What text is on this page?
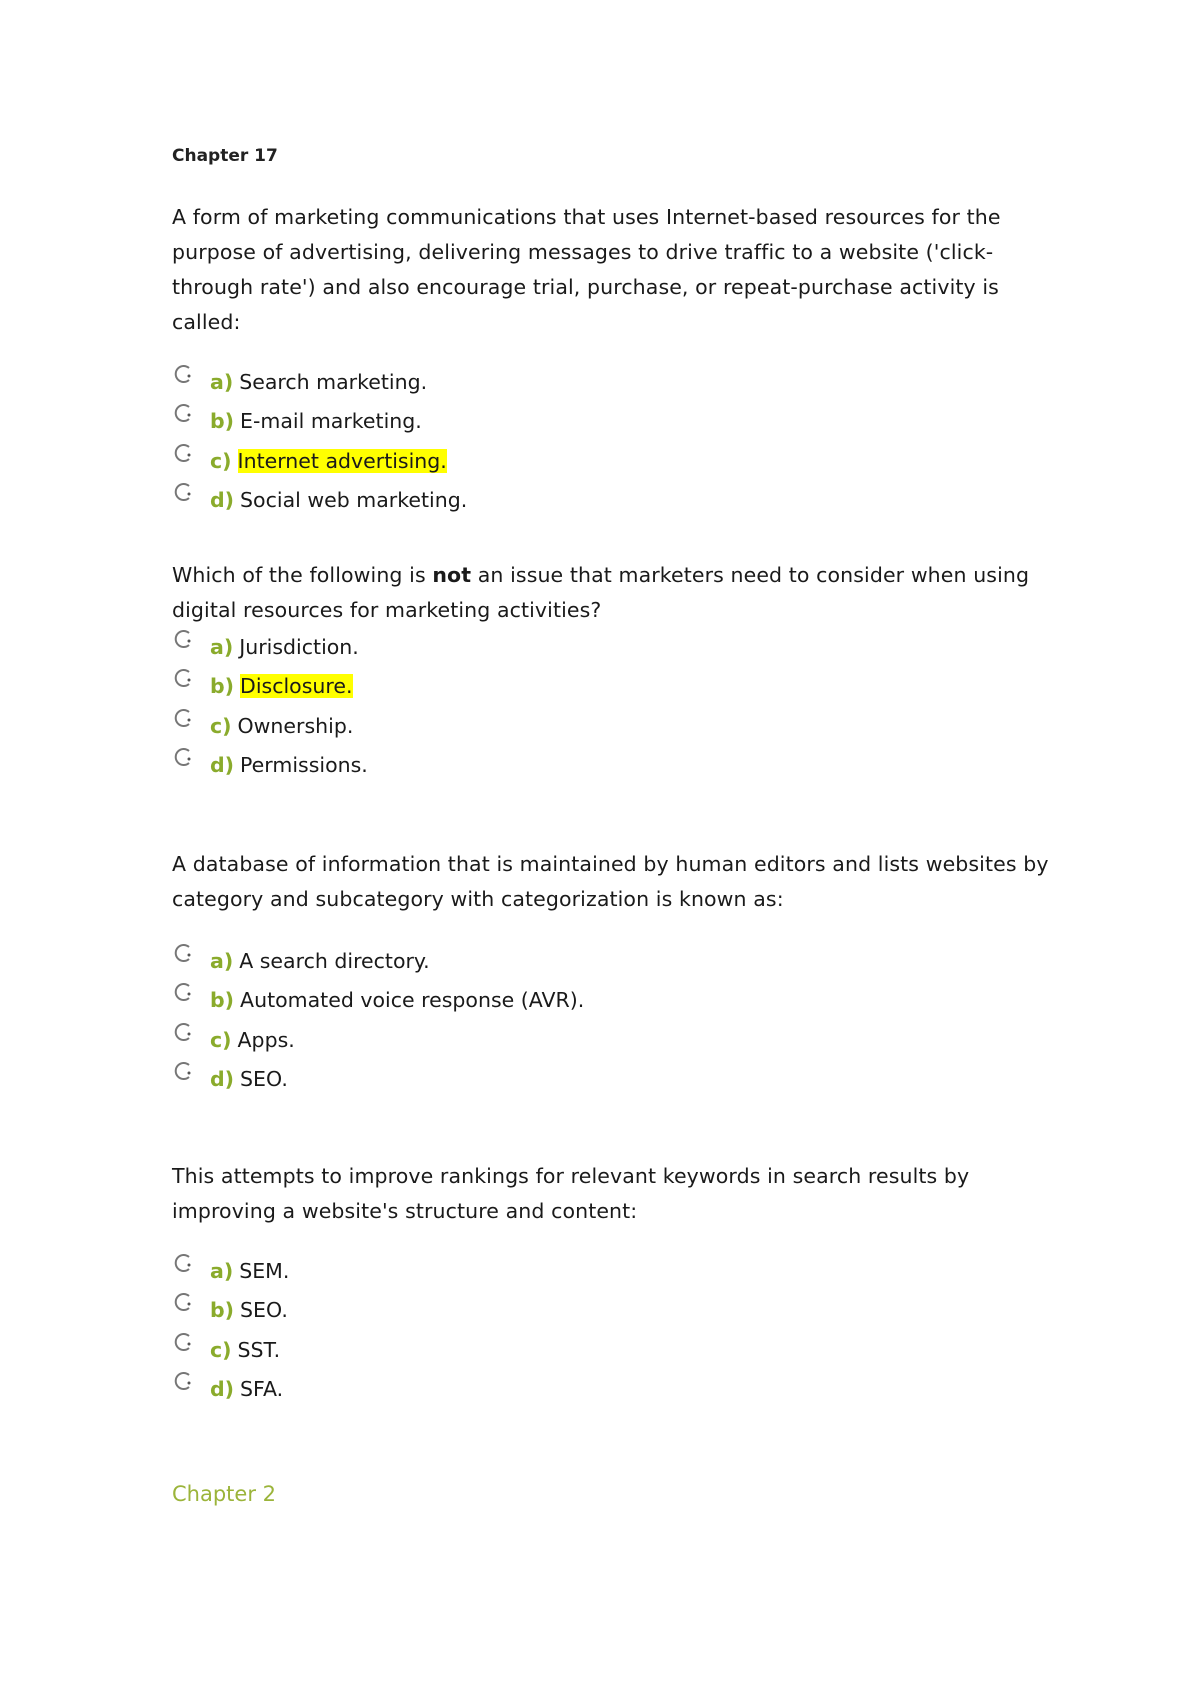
Chapter 17
A form of marketing communications that uses Internet-based resources for the purpose of advertising, delivering messages to drive traffic to a website ('click-through rate') and also encourage trial, purchase, or repeat-purchase activity is called:
a) Search marketing.
b) E-mail marketing.
c) Internet advertising.
d) Social web marketing.
Which of the following is not an issue that marketers need to consider when using digital resources for marketing activities?
a) Jurisdiction.
b) Disclosure.
c) Ownership.
d) Permissions.
A database of information that is maintained by human editors and lists websites by category and subcategory with categorization is known as:
a) A search directory.
b) Automated voice response (AVR).
c) Apps.
d) SEO.
This attempts to improve rankings for relevant keywords in search results by improving a website's structure and content:
a) SEM.
b) SEO.
c) SST.
d) SFA.
Chapter 2
